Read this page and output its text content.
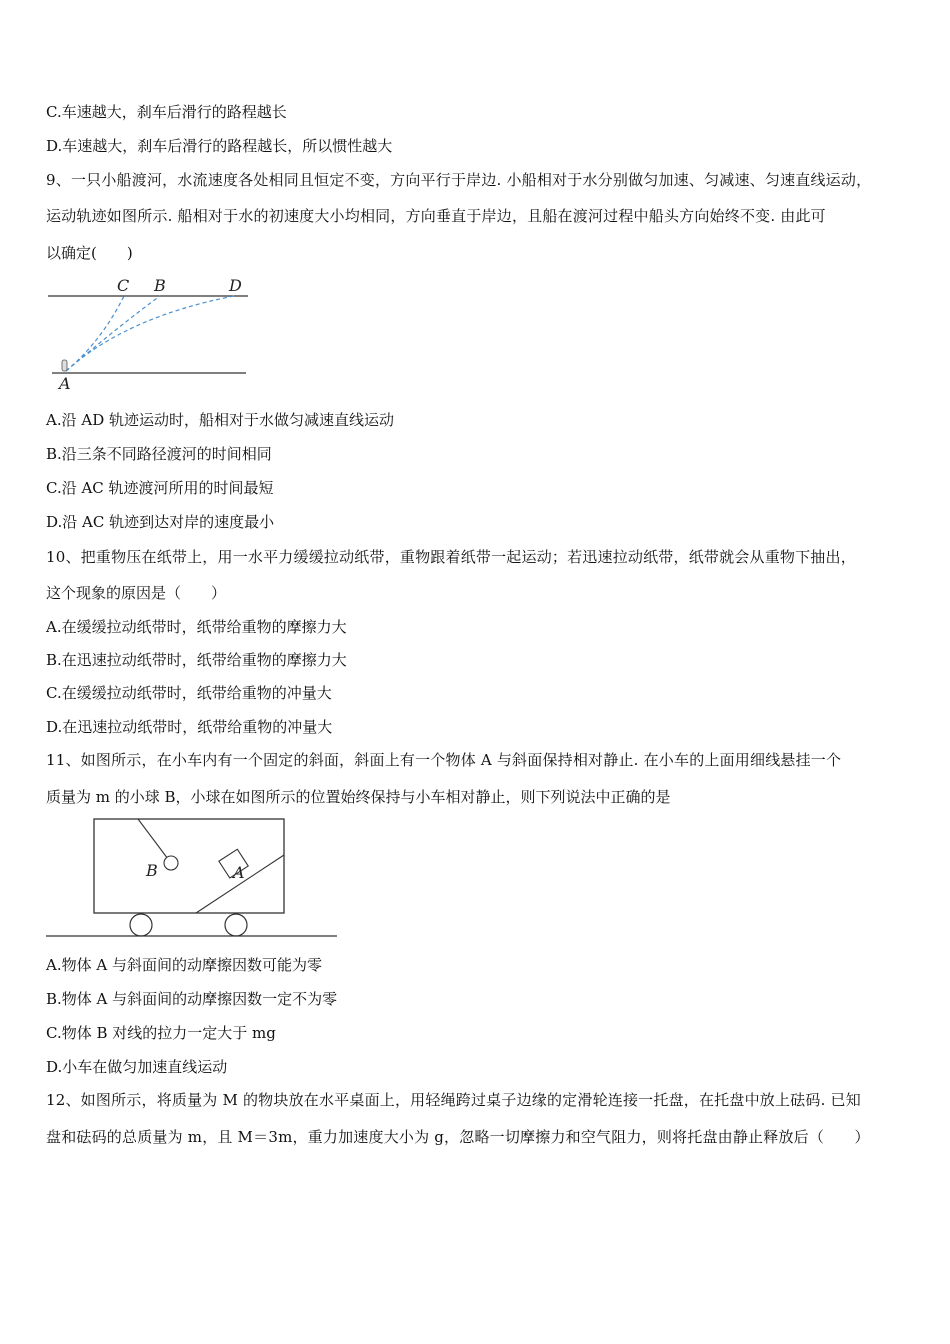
C.车速越大，刹车后滑行的路程越长
D.车速越大，刹车后滑行的路程越长，所以惯性越大
9、一只小船渡河，水流速度各处相同且恒定不变，方向平行于岸边. 小船相对于水分别做匀加速、匀减速、匀速直线运动，
运动轨迹如图所示. 船相对于水的初速度大小均相同，方向垂直于岸边，且船在渡河过程中船头方向始终不变. 由此可
以确定(　　)
C B	D
A
A.沿 AD 轨迹运动时，船相对于水做匀减速直线运动
B.沿三条不同路径渡河的时间相同
C.沿 AC 轨迹渡河所用的时间最短
D.沿 AC 轨迹到达对岸的速度最小
10、把重物压在纸带上，用一水平力缓缓拉动纸带，重物跟着纸带一起运动；若迅速拉动纸带，纸带就会从重物下抽出，
这个现象的原因是（　　）
A.在缓缓拉动纸带时，纸带给重物的摩擦力大
B.在迅速拉动纸带时，纸带给重物的摩擦力大
C.在缓缓拉动纸带时，纸带给重物的冲量大
D.在迅速拉动纸带时，纸带给重物的冲量大
11、如图所示，在小车内有一个固定的斜面，斜面上有一个物体 A 与斜面保持相对静止. 在小车的上面用细线悬挂一个
质量为 m 的小球 B，小球在如图所示的位置始终保持与小车相对静止，则下列说法中正确的是
B	A
A.物体 A 与斜面间的动摩擦因数可能为零
B.物体 A 与斜面间的动摩擦因数一定不为零
C.物体 B 对线的拉力一定大于 mg
D.小车在做匀加速直线运动
12、如图所示，将质量为 M 的物块放在水平桌面上，用轻绳跨过桌子边缘的定滑轮连接一托盘，在托盘中放上砝码. 已知
盘和砝码的总质量为 m，且 M＝3m，重力加速度大小为 g，忽略一切摩擦力和空气阻力，则将托盘由静止释放后（　　）
